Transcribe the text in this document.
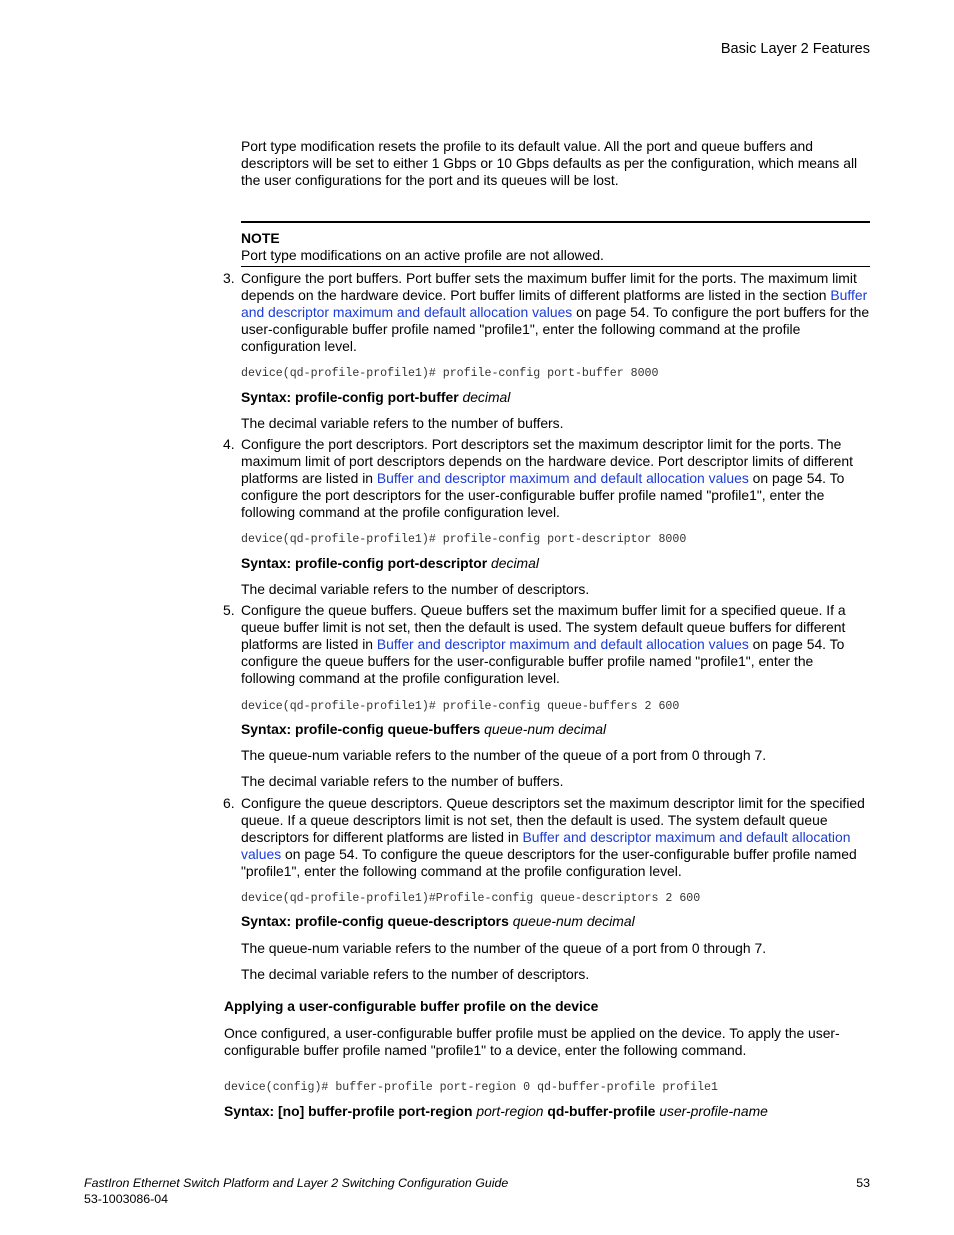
Basic Layer 2 Features

Port type modification resets the profile to its default value. All the port and queue buffers and descriptors will be set to either 1 Gbps or 10 Gbps defaults as per the configuration, which means all the user configurations for the port and its queues will be lost.

NOTE
Port type modifications on an active profile are not allowed.
3. Configure the port buffers. Port buffer sets the maximum buffer limit for the ports. The maximum limit depends on the hardware device. Port buffer limits of different platforms are listed in the section Buffer and descriptor maximum and default allocation values on page 54. To configure the port buffers for the user-configurable buffer profile named "profile1", enter the following command at the profile configuration level.

device(qd-profile-profile1)# profile-config port-buffer 8000
Syntax: profile-config port-buffer decimal
The decimal variable refers to the number of buffers.
4. Configure the port descriptors. Port descriptors set the maximum descriptor limit for the ports. The maximum limit of port descriptors depends on the hardware device. Port descriptor limits of different platforms are listed in Buffer and descriptor maximum and default allocation values on page 54. To configure the port descriptors for the user-configurable buffer profile named "profile1", enter the following command at the profile configuration level.

device(qd-profile-profile1)# profile-config port-descriptor 8000
Syntax: profile-config port-descriptor decimal
The decimal variable refers to the number of descriptors.
5. Configure the queue buffers. Queue buffers set the maximum buffer limit for a specified queue. If a queue buffer limit is not set, then the default is used. The system default queue buffers for different platforms are listed in Buffer and descriptor maximum and default allocation values on page 54. To configure the queue buffers for the user-configurable buffer profile named "profile1", enter the following command at the profile configuration level.

device(qd-profile-profile1)# profile-config queue-buffers 2 600
Syntax: profile-config queue-buffers queue-num decimal
The queue-num variable refers to the number of the queue of a port from 0 through 7.
The decimal variable refers to the number of buffers.
6. Configure the queue descriptors. Queue descriptors set the maximum descriptor limit for the specified queue. If a queue descriptors limit is not set, then the default is used. The system default queue descriptors for different platforms are listed in Buffer and descriptor maximum and default allocation values on page 54. To configure the queue descriptors for the user-configurable buffer profile named "profile1", enter the following command at the profile configuration level.

device(qd-profile-profile1)#Profile-config queue-descriptors 2 600
Syntax: profile-config queue-descriptors queue-num decimal
The queue-num variable refers to the number of the queue of a port from 0 through 7.
The decimal variable refers to the number of descriptors.
Applying a user-configurable buffer profile on the device

Once configured, a user-configurable buffer profile must be applied on the device. To apply the user-configurable buffer profile named "profile1" to a device, enter the following command.

device(config)# buffer-profile port-region 0 qd-buffer-profile profile1
Syntax: [no] buffer-profile port-region port-region qd-buffer-profile user-profile-name
FastIron Ethernet Switch Platform and Layer 2 Switching Configuration Guide
53-1003086-04
53
